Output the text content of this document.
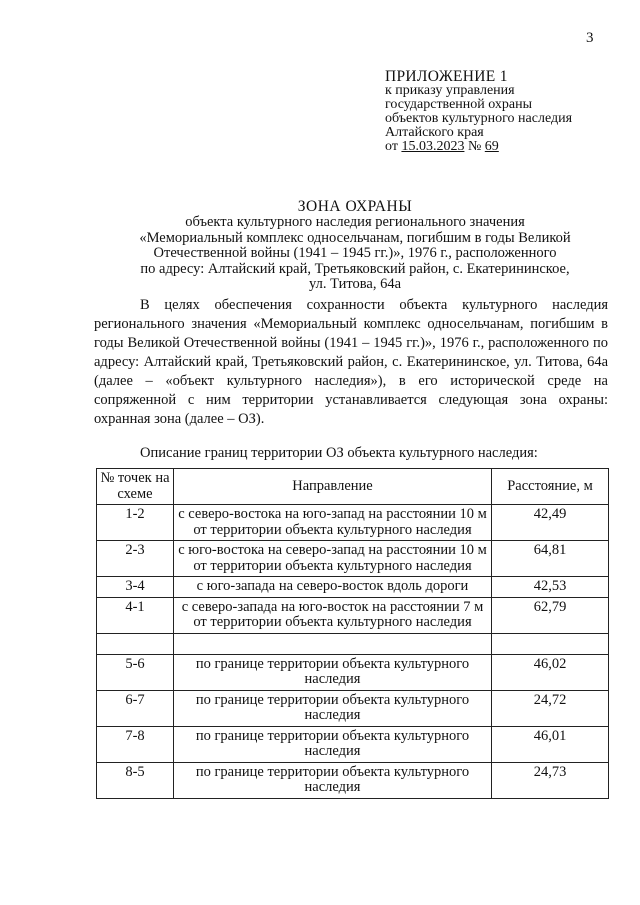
3
ПРИЛОЖЕНИЕ 1
к приказу управления
государственной охраны
объектов культурного наследия
Алтайского края
от 15.03.2023 № 69
ЗОНА ОХРАНЫ
объекта культурного наследия регионального значения
«Мемориальный комплекс односельчанам, погибшим в годы Великой
Отечественной войны (1941 – 1945 гг.)», 1976 г., расположенного
по адресу: Алтайский край, Третьяковский район, с. Екатерининское,
ул. Титова, 64а

В целях обеспечения сохранности объекта культурного наследия регионального значения «Мемориальный комплекс односельчанам, погибшим в годы Великой Отечественной войны (1941 – 1945 гг.)», 1976 г., расположенного по адресу: Алтайский край, Третьяковский район, с. Екатерининское, ул. Титова, 64а (далее – «объект культурного наследия»), в его исторической среде на сопряженной с ним территории устанавливается следующая зона охраны: охранная зона (далее – ОЗ).

Описание границ территории ОЗ объекта культурного наследия:
№ точек на схеме	Направление	Расстояние, м
1-2	с северо-востока на юго-запад на расстоянии 10 м от территории объекта культурного наследия	42,49
2-3	с юго-востока на северо-запад на расстоянии 10 м от территории объекта культурного наследия	64,81
3-4	с юго-запада на северо-восток вдоль дороги	42,53
4-1	с северо-запада на юго-восток на расстоянии 7 м от территории объекта культурного наследия	62,79

5-6	по границе территории объекта культурного наследия	46,02
6-7	по границе территории объекта культурного наследия	24,72
7-8	по границе территории объекта культурного наследия	46,01
8-5	по границе территории объекта культурного наследия	24,73
